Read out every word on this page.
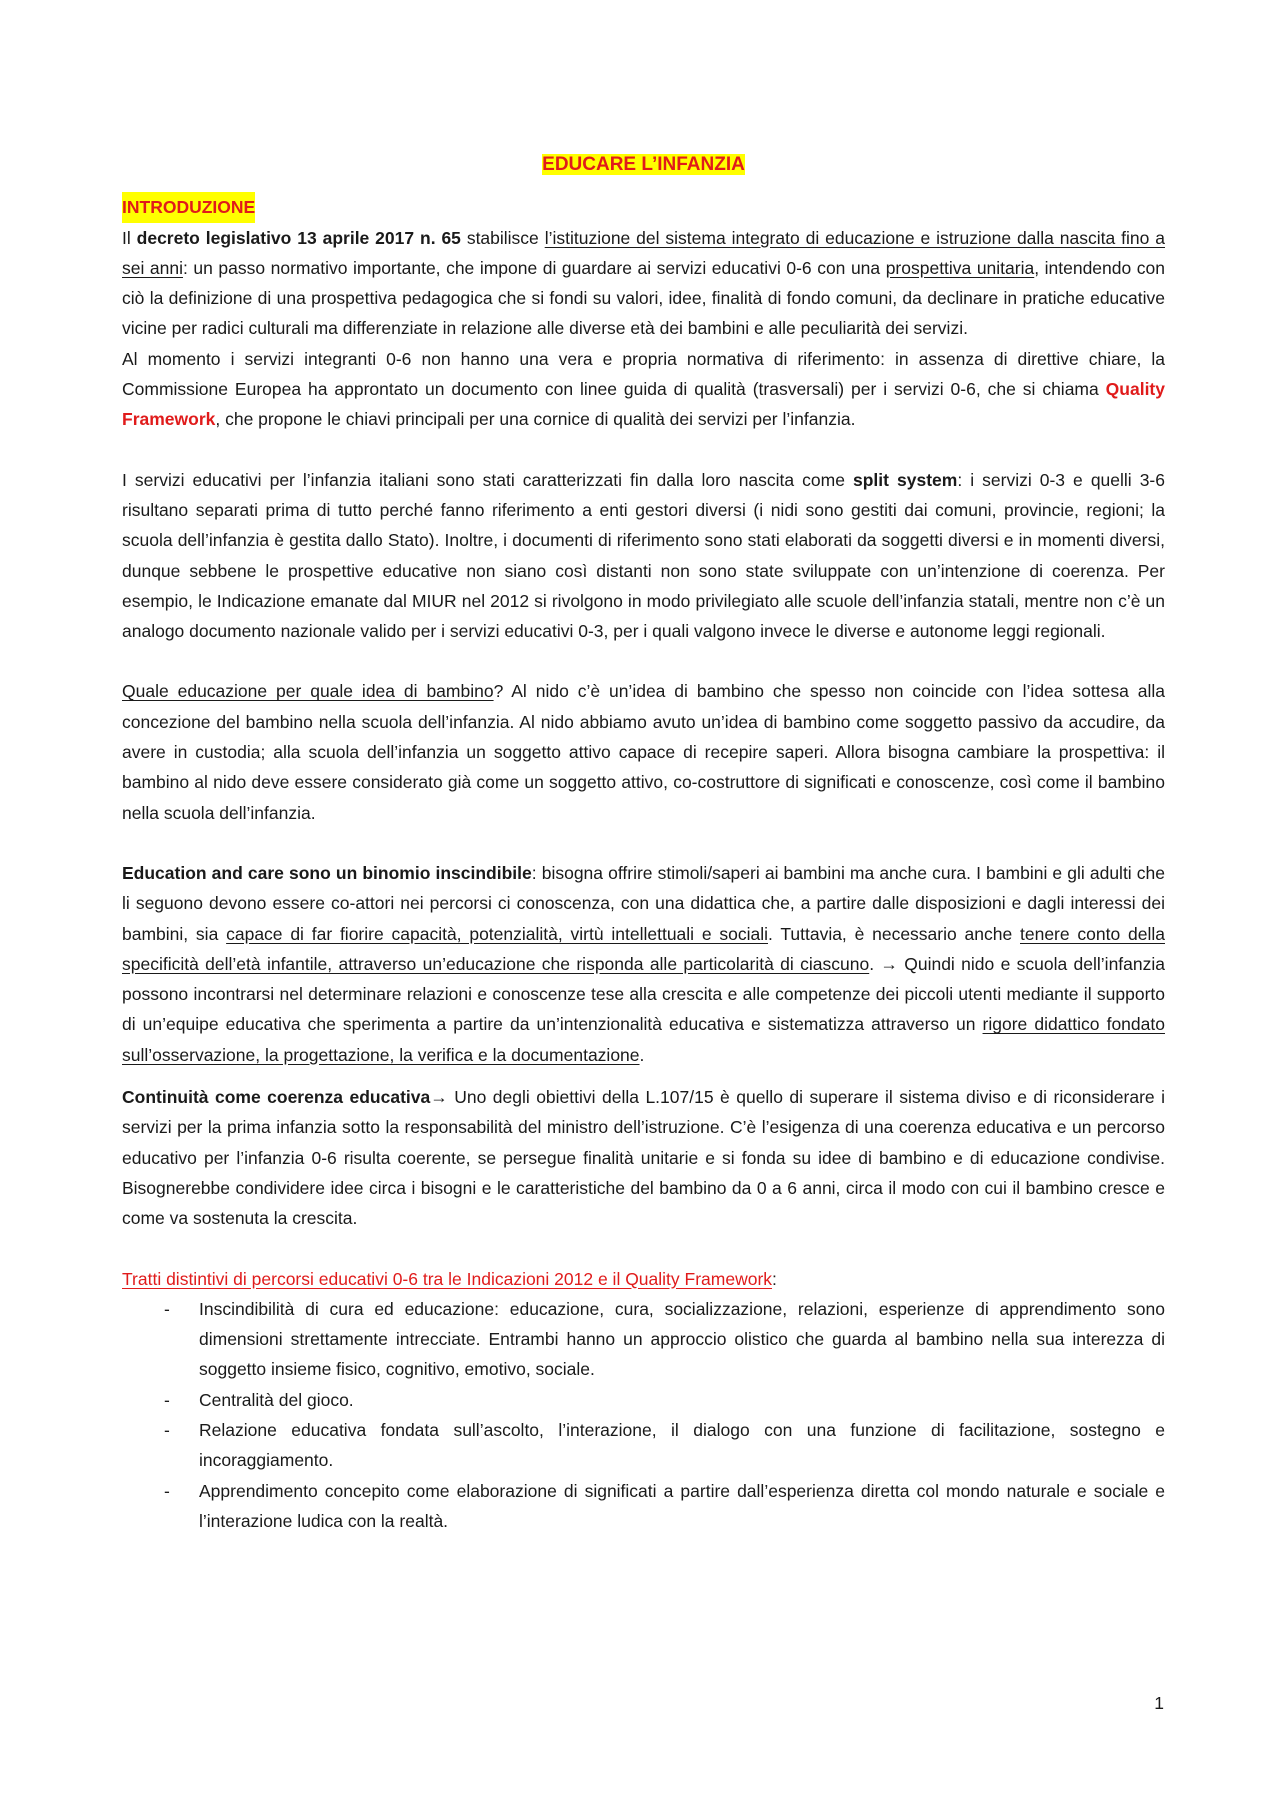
EDUCARE L’INFANZIA

INTRODUZIONE

Il decreto legislativo 13 aprile 2017 n. 65 stabilisce l’istituzione del sistema integrato di educazione e istruzione dalla nascita fino a sei anni: un passo normativo importante, che impone di guardare ai servizi educativi 0-6 con una prospettiva unitaria, intendendo con ciò la definizione di una prospettiva pedagogica che si fondi su valori, idee, finalità di fondo comuni, da declinare in pratiche educative vicine per radici culturali ma differenziate in relazione alle diverse età dei bambini e alle peculiarità dei servizi.

Al momento i servizi integranti 0-6 non hanno una vera e propria normativa di riferimento: in assenza di direttive chiare, la Commissione Europea ha approntato un documento con linee guida di qualità (trasversali) per i servizi 0-6, che si chiama Quality Framework, che propone le chiavi principali per una cornice di qualità dei servizi per l’infanzia.

I servizi educativi per l’infanzia italiani sono stati caratterizzati fin dalla loro nascita come split system: i servizi 0-3 e quelli 3-6 risultano separati prima di tutto perché fanno riferimento a enti gestori diversi (i nidi sono gestiti dai comuni, provincie, regioni; la scuola dell’infanzia è gestita dallo Stato). Inoltre, i documenti di riferimento sono stati elaborati da soggetti diversi e in momenti diversi, dunque sebbene le prospettive educative non siano così distanti non sono state sviluppate con un’intenzione di coerenza. Per esempio, le Indicazione emanate dal MIUR nel 2012 si rivolgono in modo privilegiato alle scuole dell’infanzia statali, mentre non c’è un analogo documento nazionale valido per i servizi educativi 0-3, per i quali valgono invece le diverse e autonome leggi regionali.

Quale educazione per quale idea di bambino? Al nido c’è un’idea di bambino che spesso non coincide con l’idea sottesa alla concezione del bambino nella scuola dell’infanzia. Al nido abbiamo avuto un’idea di bambino come soggetto passivo da accudire, da avere in custodia; alla scuola dell’infanzia un soggetto attivo capace di recepire saperi. Allora bisogna cambiare la prospettiva: il bambino al nido deve essere considerato già come un soggetto attivo, co-costruttore di significati e conoscenze, così come il bambino nella scuola dell’infanzia.

Education and care sono un binomio inscindibile: bisogna offrire stimoli/saperi ai bambini ma anche cura. I bambini e gli adulti che li seguono devono essere co-attori nei percorsi ci conoscenza, con una didattica che, a partire dalle disposizioni e dagli interessi dei bambini, sia capace di far fiorire capacità, potenzialità, virtù intellettuali e sociali. Tuttavia, è necessario anche tenere conto della specificità dell’età infantile, attraverso un’educazione che risponda alle particolarità di ciascuno. → Quindi nido e scuola dell’infanzia possono incontrarsi nel determinare relazioni e conoscenze tese alla crescita e alle competenze dei piccoli utenti mediante il supporto di un’equipe educativa che sperimenta a partire da un’intenzionalità educativa e sistematizza attraverso un rigore didattico fondato sull’osservazione, la progettazione, la verifica e la documentazione.

Continuità come coerenza educativa→ Uno degli obiettivi della L.107/15 è quello di superare il sistema diviso e di riconsiderare i servizi per la prima infanzia sotto la responsabilità del ministro dell’istruzione. C’è l’esigenza di una coerenza educativa e un percorso educativo per l’infanzia 0-6 risulta coerente, se persegue finalità unitarie e si fonda su idee di bambino e di educazione condivise. Bisognerebbe condividere idee circa i bisogni e le caratteristiche del bambino da 0 a 6 anni, circa il modo con cui il bambino cresce e come va sostenuta la crescita.

Tratti distintivi di percorsi educativi 0-6 tra le Indicazioni 2012 e il Quality Framework:

- Inscindibilità di cura ed educazione: educazione, cura, socializzazione, relazioni, esperienze di apprendimento sono dimensioni strettamente intrecciate. Entrambi hanno un approccio olistico che guarda al bambino nella sua interezza di soggetto insieme fisico, cognitivo, emotivo, sociale.
- Centralità del gioco.
- Relazione educativa fondata sull’ascolto, l’interazione, il dialogo con una funzione di facilitazione, sostegno e incoraggiamento.
- Apprendimento concepito come elaborazione di significati a partire dall’esperienza diretta col mondo naturale e sociale e l’interazione ludica con la realtà.
1
